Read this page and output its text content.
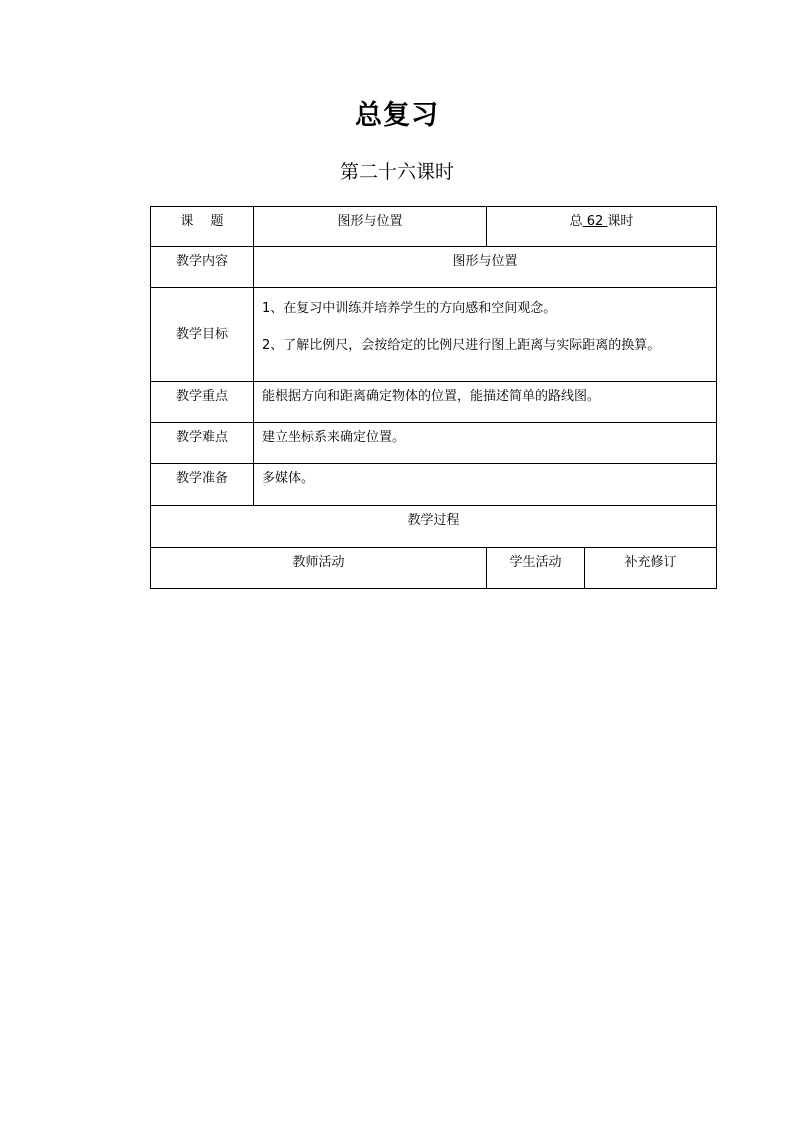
总复习
第二十六课时
课　 题	图形与位置	总 62 课时	
教学内容	图形与位置		
教学目标	1、在复习中训练并培养学生的方向感和空间观念。

2、了解比例尺，会按给定的比例尺进行图上距离与实际距离的换算。		

教学重点	能根据方向和距离确定物体的位置，能描述简单的路线图。		
教学难点	建立坐标系来确定位置。		
教学准备	多媒体。		
教学过程			
教师活动		学生活动	补充修订
